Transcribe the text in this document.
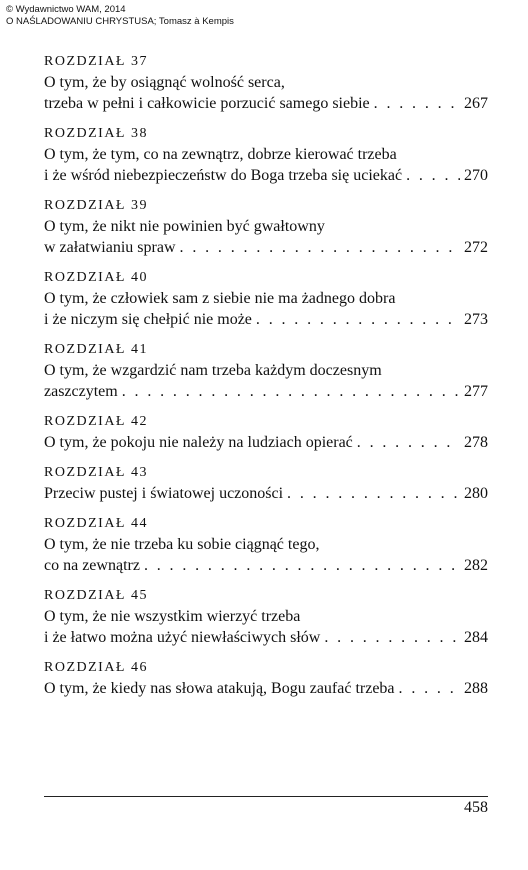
© Wydawnictwo WAM, 2014
O NAŚLADOWANIU CHRYSTUSA; Tomasz à Kempis
ROZDZIAŁ 37
O tym, że by osiągnąć wolność serca,
trzeba w pełni i całkowicie porzucić samego siebie . . .	267
ROZDZIAŁ 38
O tym, że tym, co na zewnątrz, dobrze kierować trzeba
i że wśród niebezpieczeństw do Boga trzeba się uciekać . . .	270
ROZDZIAŁ 39
O tym, że nikt nie powinien być gwałtowny
w załatwianiu spraw . . .	272
ROZDZIAŁ 40
O tym, że człowiek sam z siebie nie ma żadnego dobra
i że niczym się chełpić nie może . . .	273
ROZDZIAŁ 41
O tym, że wzgardzić nam trzeba każdym doczesnym
zaszczytem . . .	277
ROZDZIAŁ 42
O tym, że pokoju nie należy na ludziach opierać . . .	278
ROZDZIAŁ 43
Przeciw pustej i światowej uczoności . . .	280
ROZDZIAŁ 44
O tym, że nie trzeba ku sobie ciągnąć tego,
co na zewnątrz . . .	282
ROZDZIAŁ 45
O tym, że nie wszystkim wierzyć trzeba
i że łatwo można użyć niewłaściwych słów . . .	284
ROZDZIAŁ 46
O tym, że kiedy nas słowa atakują, Bogu zaufać trzeba . . .	288
458
